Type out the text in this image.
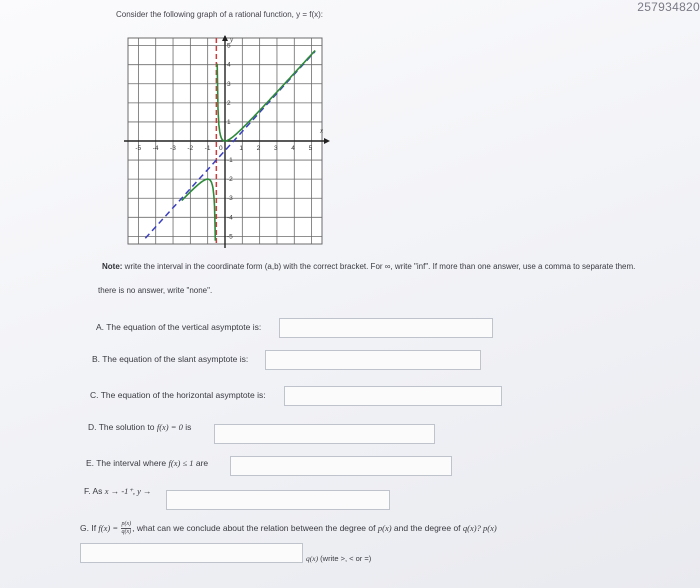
257934820
Consider the following graph of a rational function, y = f(x):
x
y
-5 -4 -3 -2 -1 0	1 2 3 4 5
5
4
3
2
1
-1
-2
-3
-4
-5
Note: write the interval in the coordinate form (a,b) with the correct bracket. For ∞, write "inf". If more than one answer, use a comma to separate them.
there is no answer, write "none".
A. The equation of the vertical asymptote is:
B. The equation of the slant asymptote is:
C. The equation of the horizontal asymptote is:
D. The solution to f(x) = 0 is
E. The interval where f(x) ≤ 1 are
F. As x → -1⁺, y →
G. If $f(x) = \frac{p(x)}{q(x)}$ , what can we conclude about the relation between the degree of p(x) and the degree of q(x)? p(x)
q(x) (write >, < or =)
